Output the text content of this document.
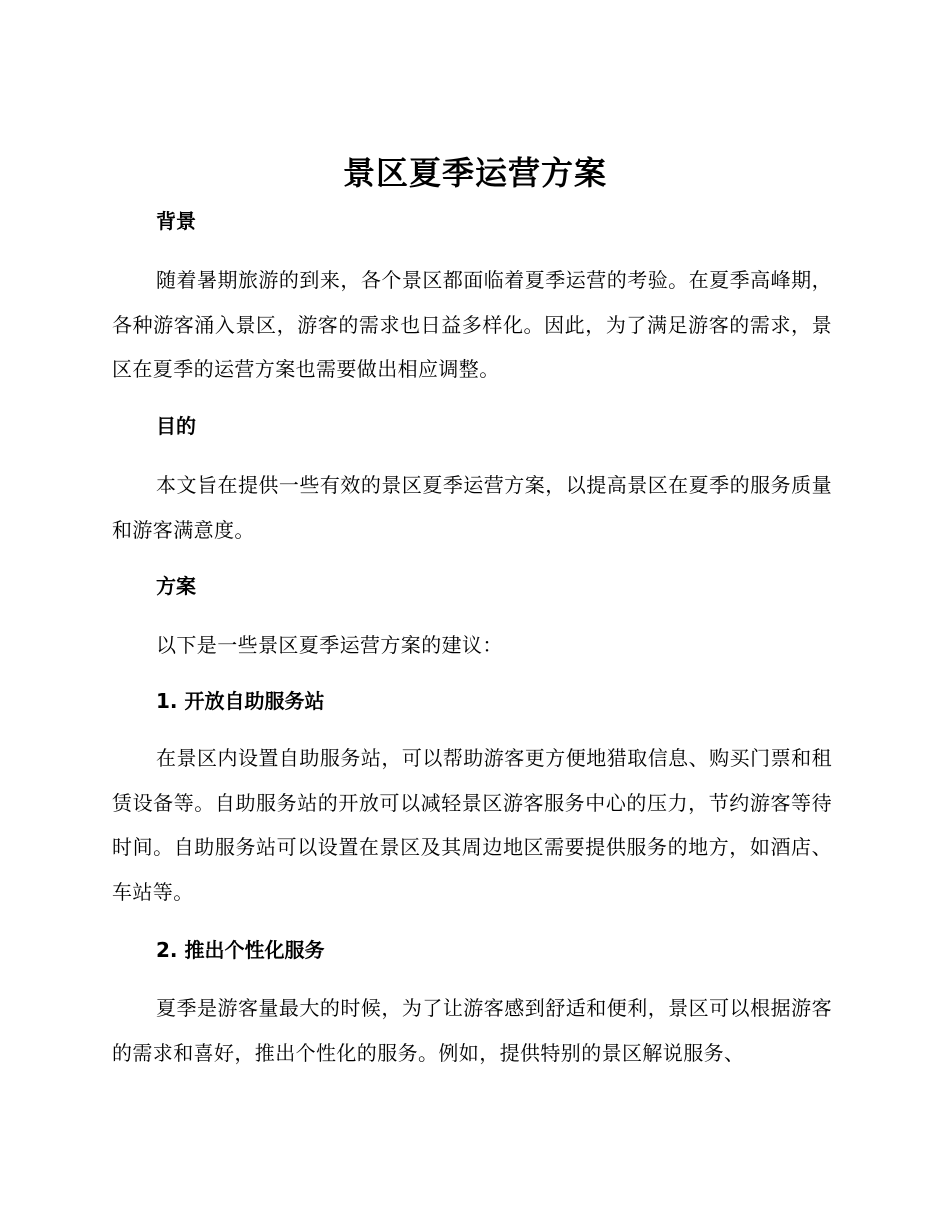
景区夏季运营方案
背景
随着暑期旅游的到来，各个景区都面临着夏季运营的考验。在夏季高峰期，各种游客涌入景区，游客的需求也日益多样化。因此，为了满足游客的需求，景区在夏季的运营方案也需要做出相应调整。
目的
本文旨在提供一些有效的景区夏季运营方案，以提高景区在夏季的服务质量和游客满意度。
方案
以下是一些景区夏季运营方案的建议：
1. 开放自助服务站
在景区内设置自助服务站，可以帮助游客更方便地猎取信息、购买门票和租赁设备等。自助服务站的开放可以减轻景区游客服务中心的压力，节约游客等待时间。自助服务站可以设置在景区及其周边地区需要提供服务的地方，如酒店、车站等。
2. 推出个性化服务
夏季是游客量最大的时候，为了让游客感到舒适和便利，景区可以根据游客的需求和喜好，推出个性化的服务。例如，提供特别的景区解说服务、
